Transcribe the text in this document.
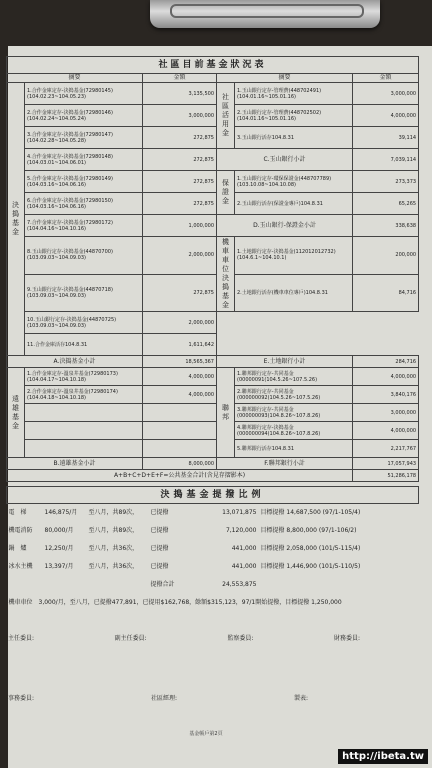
社區目前基金狀況表					
摘要		金額	摘要		金額
決搗基金	1.合作金庫定存-決搗基金(72980145) (104.02.23~104.05.23)	3,135,500	社區活用金	1.玉山銀行定存-管理費(448702491) (104.01.16~105.01.16)	3,000,000
	2.合作金庫定存-決搗基金(72980146) (104.02.24~104.05.24)	3,000,000		2.玉山銀行定存-管理費(448702502) (104.01.16~105.01.16)	4,000,000
	3.合作金庫定存-決搗基金(72980147) (104.02.28~104.05.28)	272,875		3.玉山銀行活存104.8.31	39,114
	4.合作金庫定存-決搗基金(72980148) (104.03.01~104.06.01)	272,875	C.玉山銀行小計		7,039,114
	5.合作金庫定存-決搗基金(72980149) (104.03.16~104.06.16)	272,875	保證金	1.玉山銀行定存-環保保證金(448707789) (103.10.08~104.10.08)	273,373
	6.合作金庫定存-決搗基金(72980150) (104.03.16~104.06.16)	272,875		2.玉山銀行活存(保證金專戶)104.8.31	65,265
	7.合作金庫定存-決搗基金(72980172) (104.04.16~104.10.16)	1,000,000	D.玉山銀行-保證金小計		338,638
	8.玉山銀行定存-決搗基金(44870700) (103.09.03~104.09.03)	2,000,000	機車車位決搗基金	1.土地銀行定存-決搗基金(112012012732) (104.6.1~104.10.1)	200,000
	9.玉山銀行定存-決搗基金(44870718) (103.09.03~104.09.03)	272,875		2.土地銀行活存(機車車位專戶)104.8.31	84,716
	10.玉山銀行定存-決搗基金(44870725) (103.09.03~104.09.03)	2,000,000			
	11.合作金庫活存104.8.31	1,611,642			
A.決搗基金小計		18,565,367	E.土地銀行小計		284,716
遠雄基金	1.合作金庫定存-溫泉井基金(72980173) (104.04.17~104.10.18)	4,000,000	聯邦	1.聯邦銀行定存-共同基金 (00000091(104.5.26~107.5.26)	4,000,000
	2.合作金庫定存-溫泉井基金(72980174) (104.04.18~104.10.18)	4,000,000		2.聯邦銀行定存-共同基金 (000000092(104.5.26~107.5.26)	3,840,176
				3.聯邦銀行定存-共同基金 (000000093(104.8.26~107.8.26)	3,000,000
				4.聯邦銀行定存-決搗基金 (000000094(104.8.26~107.8.26)	4,000,000
				5.聯邦銀行活存104.8.31	2,217,767
B.遠雄基金小計		8,000,000	F.聯邦銀行小計		17,057,943
A+B+C+D+E+F=公共基金合計(含見存摺影本)					51,286,178
決搗基金提撥比例					
電　梯	146,875/月	至八月，共89次，	已提撥	13,071,875	目標提撥 14,687,500 (97/1-105/4)
機電消防	80,000/月	至八月，共89次，	已提撥	7,120,000	目標提撥 8,800,000 (97/1-106/2)
鍋　爐	12,250/月	至八月，共36次，	已提撥	441,000	目標提撥 2,058,000 (101/5-115/4)
冰水主機	13,397/月	至八月，共36次，	已提撥	441,000	目標提撥 1,446,900 (101/5-110/5)
			提撥合計	24,553,875	
機車車位　3,000/月，至八月，已提撥477,891，已提用$162,768，餘額$315,123，97/1開始提撥，目標提撥 1,250,000					
主任委員:	副主任委員:	監察委員:	財務委員:
事務委員:	社區經理:	製表:
基金帳戶第2頁
http://ibeta.tw
